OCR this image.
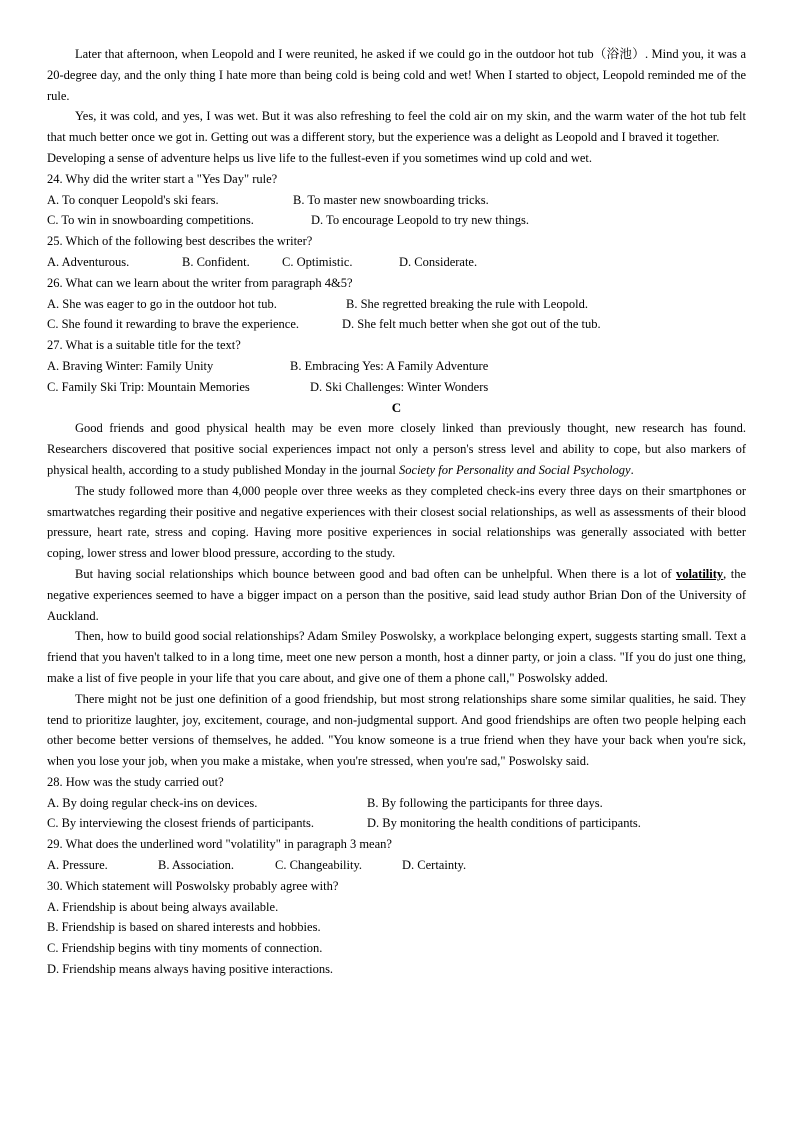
Later that afternoon, when Leopold and I were reunited, he asked if we could go in the outdoor hot tub（浴池）. Mind you, it was a 20-degree day, and the only thing I hate more than being cold is being cold and wet! When I started to object, Leopold reminded me of the rule.

Yes, it was cold, and yes, I was wet. But it was also refreshing to feel the cold air on my skin, and the warm water of the hot tub felt that much better once we got in. Getting out was a different story, but the experience was a delight as Leopold and I braved it together.

Developing a sense of adventure helps us live life to the fullest-even if you sometimes wind up cold and wet.

24. Why did the writer start a "Yes Day" rule?

A. To conquer Leopold's ski fears.	B. To master new snowboarding tricks.
C. To win in snowboarding competitions.	D. To encourage Leopold to try new things.

25. Which of the following best describes the writer?

A. Adventurous.	B. Confident.	C. Optimistic.	D. Considerate.

26. What can we learn about the writer from paragraph 4&5?

A. She was eager to go in the outdoor hot tub.	B. She regretted breaking the rule with Leopold.
C. She found it rewarding to brave the experience.	D. She felt much better when she got out of the tub.

27. What is a suitable title for the text?

A. Braving Winter: Family Unity	B. Embracing Yes: A Family Adventure
C. Family Ski Trip: Mountain Memories	D. Ski Challenges: Winter Wonders
C

Good friends and good physical health may be even more closely linked than previously thought, new research has found. Researchers discovered that positive social experiences impact not only a person's stress level and ability to cope, but also markers of physical health, according to a study published Monday in the journal Society for Personality and Social Psychology.

The study followed more than 4,000 people over three weeks as they completed check-ins every three days on their smartphones or smartwatches regarding their positive and negative experiences with their closest social relationships, as well as assessments of their blood pressure, heart rate, stress and coping. Having more positive experiences in social relationships was generally associated with better coping, lower stress and lower blood pressure, according to the study.

But having social relationships which bounce between good and bad often can be unhelpful. When there is a lot of volatility, the negative experiences seemed to have a bigger impact on a person than the positive, said lead study author Brian Don of the University of Auckland.

Then, how to build good social relationships? Adam Smiley Poswolsky, a workplace belonging expert, suggests starting small. Text a friend that you haven't talked to in a long time, meet one new person a month, host a dinner party, or join a class. "If you do just one thing, make a list of five people in your life that you care about, and give one of them a phone call," Poswolsky added.

There might not be just one definition of a good friendship, but most strong relationships share some similar qualities, he said. They tend to prioritize laughter, joy, excitement, courage, and non-judgmental support. And good friendships are often two people helping each other become better versions of themselves, he added. "You know someone is a true friend when they have your back when you're sick, when you lose your job, when you make a mistake, when you're stressed, when you're sad," Poswolsky said.

28. How was the study carried out?

A. By doing regular check-ins on devices.	B. By following the participants for three days.
C. By interviewing the closest friends of participants.	D. By monitoring the health conditions of participants.

29. What does the underlined word "volatility" in paragraph 3 mean?

A. Pressure.	B. Association.	C. Changeability.	D. Certainty.

30. Which statement will Poswolsky probably agree with?

A. Friendship is about being always available.

B. Friendship is based on shared interests and hobbies.

C. Friendship begins with tiny moments of connection.

D. Friendship means always having positive interactions.
